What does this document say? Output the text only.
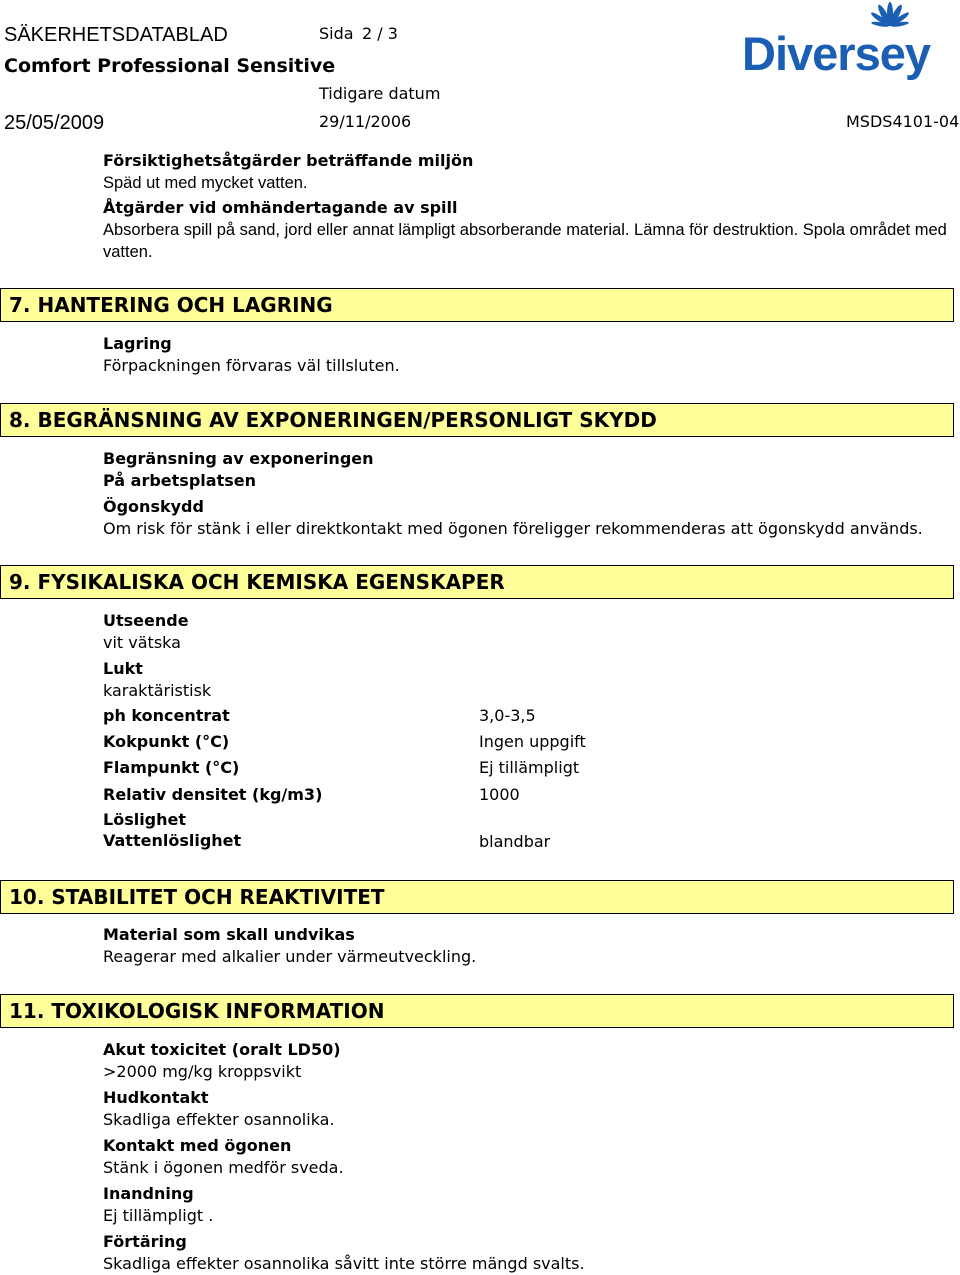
SÄKERHETSDATABLAD	Sida 2 / 3
Comfort Professional Sensitive
Tidigare datum
25/05/2009	29/11/2006	MSDS4101-04
Diversey
Försiktighetsåtgärder beträffande miljön
Späd ut med mycket vatten.
Åtgärder vid omhändertagande av spill
Absorbera spill på sand, jord eller annat lämpligt absorberande material. Lämna för destruktion. Spola området med vatten.
7. HANTERING OCH LAGRING
Lagring
Förpackningen förvaras väl tillsluten.
8. BEGRÄNSNING AV EXPONERINGEN/PERSONLIGT SKYDD
Begränsning av exponeringen
På arbetsplatsen
Ögonskydd
Om risk för stänk i eller direktkontakt med ögonen föreligger rekommenderas att ögonskydd används.
9. FYSIKALISKA OCH KEMISKA EGENSKAPER
Utseende
vit vätska
Lukt
karaktäristisk
ph koncentrat	3,0-3,5
Kokpunkt (°C)	Ingen uppgift
Flampunkt (°C)	Ej tillämpligt
Relativ densitet (kg/m3)	1000
Löslighet
Vattenlöslighet	blandbar
10. STABILITET OCH REAKTIVITET
Material som skall undvikas
Reagerar med alkalier under värmeutveckling.
11. TOXIKOLOGISK INFORMATION
Akut toxicitet (oralt LD50)
>2000 mg/kg kroppsvikt
Hudkontakt
Skadliga effekter osannolika.
Kontakt med ögonen
Stänk i ögonen medför sveda.
Inandning
Ej tillämpligt .
Förtäring
Skadliga effekter osannolika såvitt inte större mängd svalts.
